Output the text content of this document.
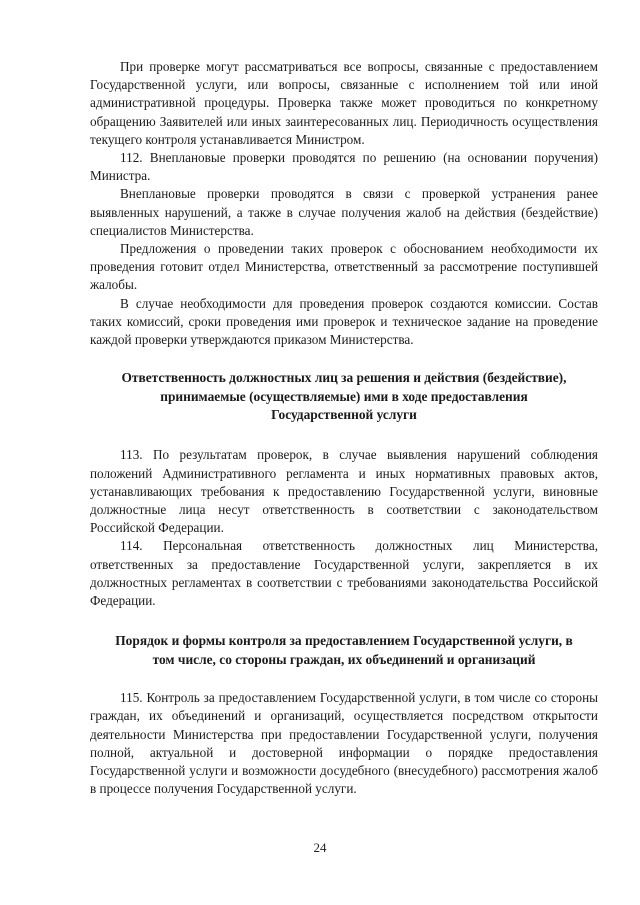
При проверке могут рассматриваться все вопросы, связанные с предоставлением Государственной услуги, или вопросы, связанные с исполнением той или иной административной процедуры. Проверка также может проводиться по конкретному обращению Заявителей или иных заинтересованных лиц. Периодичность осуществления текущего контроля устанавливается Министром.

112. Внеплановые проверки проводятся по решению (на основании поручения) Министра.

Внеплановые проверки проводятся в связи с проверкой устранения ранее выявленных нарушений, а также в случае получения жалоб на действия (бездействие) специалистов Министерства.

Предложения о проведении таких проверок с обоснованием необходимости их проведения готовит отдел Министерства, ответственный за рассмотрение поступившей жалобы.

В случае необходимости для проведения проверок создаются комиссии. Состав таких комиссий, сроки проведения ими проверок и техническое задание на проведение каждой проверки утверждаются приказом Министерства.

Ответственность должностных лиц за решения и действия (бездействие), принимаемые (осуществляемые) ими в ходе предоставления Государственной услуги

113. По результатам проверок, в случае выявления нарушений соблюдения положений Административного регламента и иных нормативных правовых актов, устанавливающих требования к предоставлению Государственной услуги, виновные должностные лица несут ответственность в соответствии с законодательством Российской Федерации.

114. Персональная ответственность должностных лиц Министерства, ответственных за предоставление Государственной услуги, закрепляется в их должностных регламентах в соответствии с требованиями законодательства Российской Федерации.

Порядок и формы контроля за предоставлением Государственной услуги, в том числе, со стороны граждан, их объединений и организаций

115. Контроль за предоставлением Государственной услуги, в том числе со стороны граждан, их объединений и организаций, осуществляется посредством открытости деятельности Министерства при предоставлении Государственной услуги, получения полной, актуальной и достоверной информации о порядке предоставления Государственной услуги и возможности досудебного (внесудебного) рассмотрения жалоб в процессе получения Государственной услуги.

24
